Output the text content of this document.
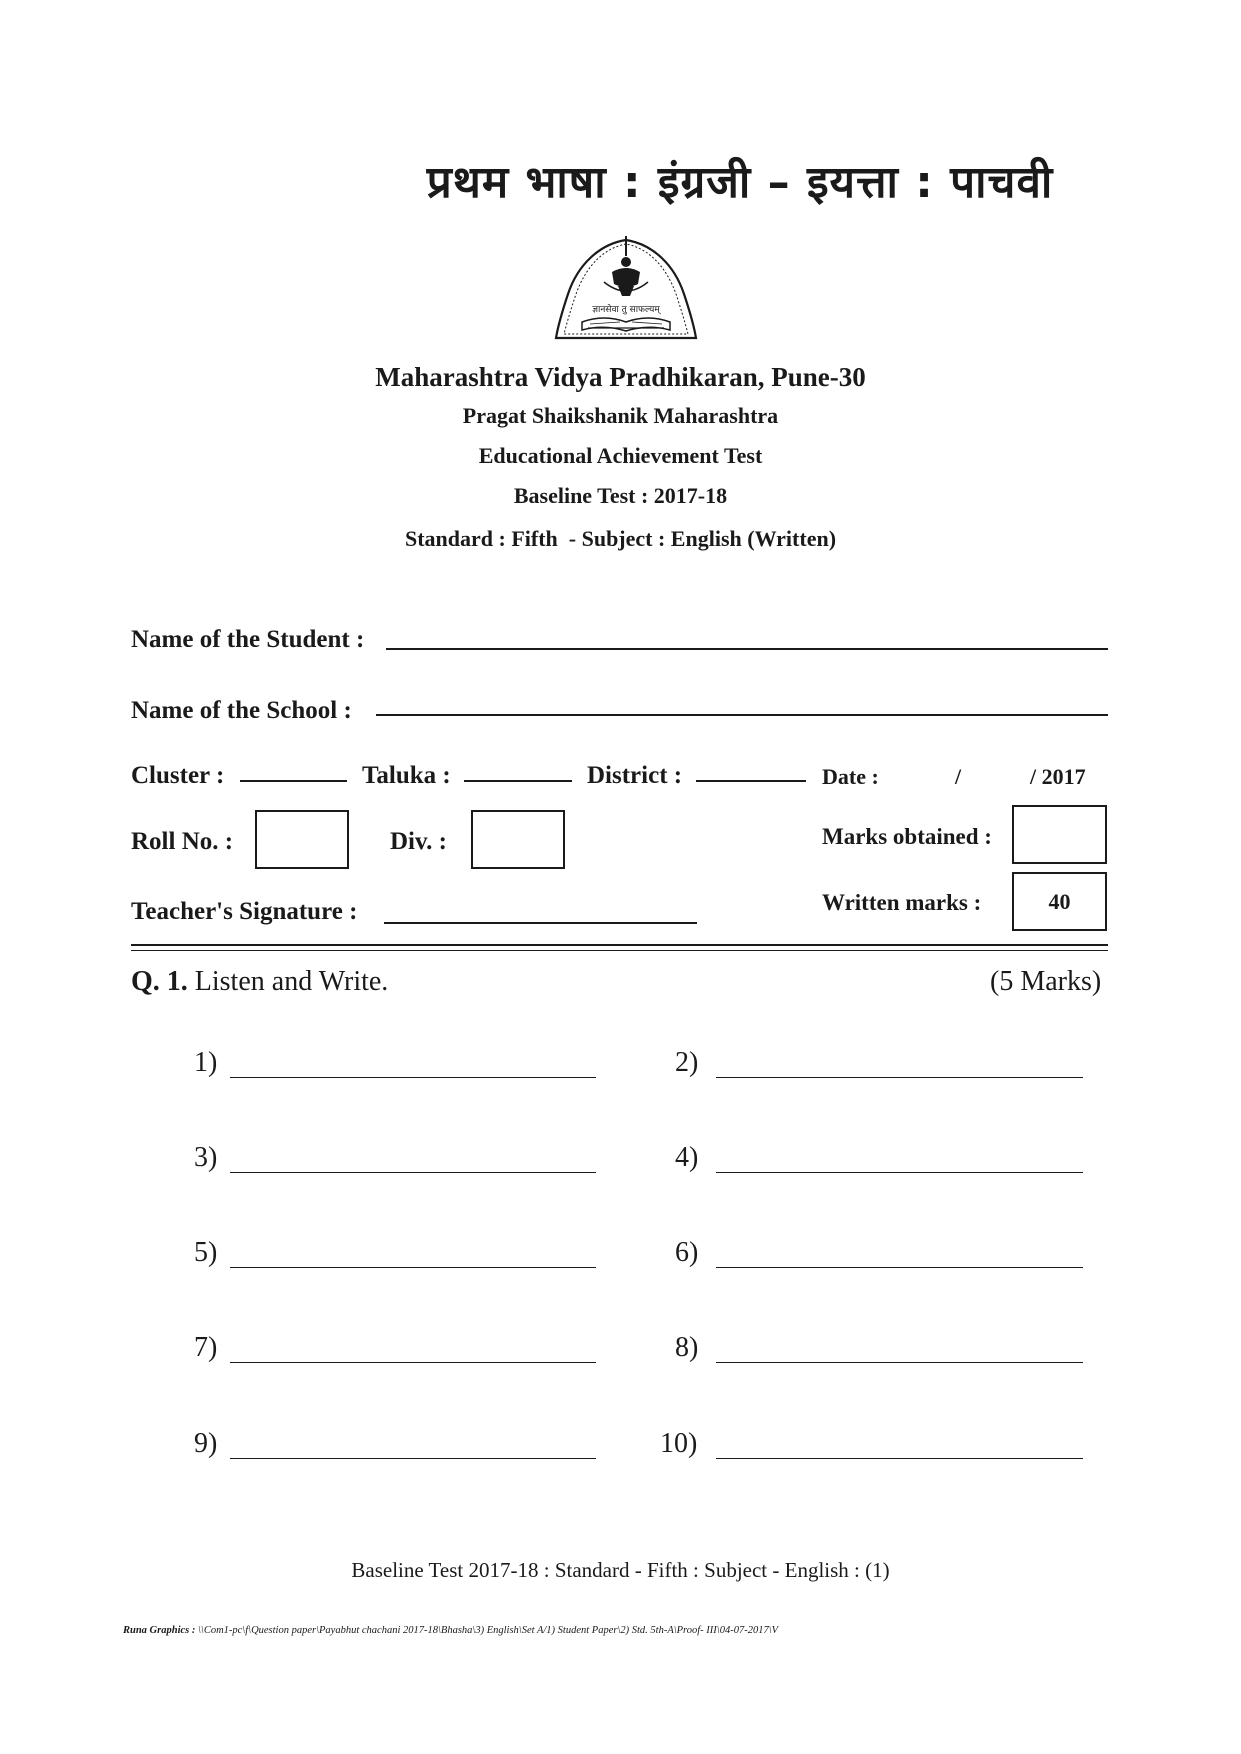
प्रथम भाषा : इंग्रजी – इयत्ता : पाचवी
ज्ञानसेवा तु साफल्यम्
Maharashtra Vidya Pradhikaran, Pune-30
Pragat Shaikshanik Maharashtra
Educational Achievement Test
Baseline Test : 2017-18
Standard : Fifth  - Subject : English (Written)
Name of the Student :
Name of the School :
Cluster :	Taluka :	District :	Date :	/	/ 2017
Roll No. :	Div. :	Marks obtained :
Teacher's Signature :	Written marks :	40
Q. 1. Listen and Write.	(5 Marks)
1)	2)
3)	4)
5)	6)
7)	8)
9)	10)
Baseline Test 2017-18 : Standard - Fifth : Subject - English : (1)
Runa Graphics : \\Com1-pc\f\Question paper\Payabhut chachani 2017-18\Bhasha\3) English\Set A/1) Student Paper\2) Std. 5th-A\Proof- III\04-07-2017\V
